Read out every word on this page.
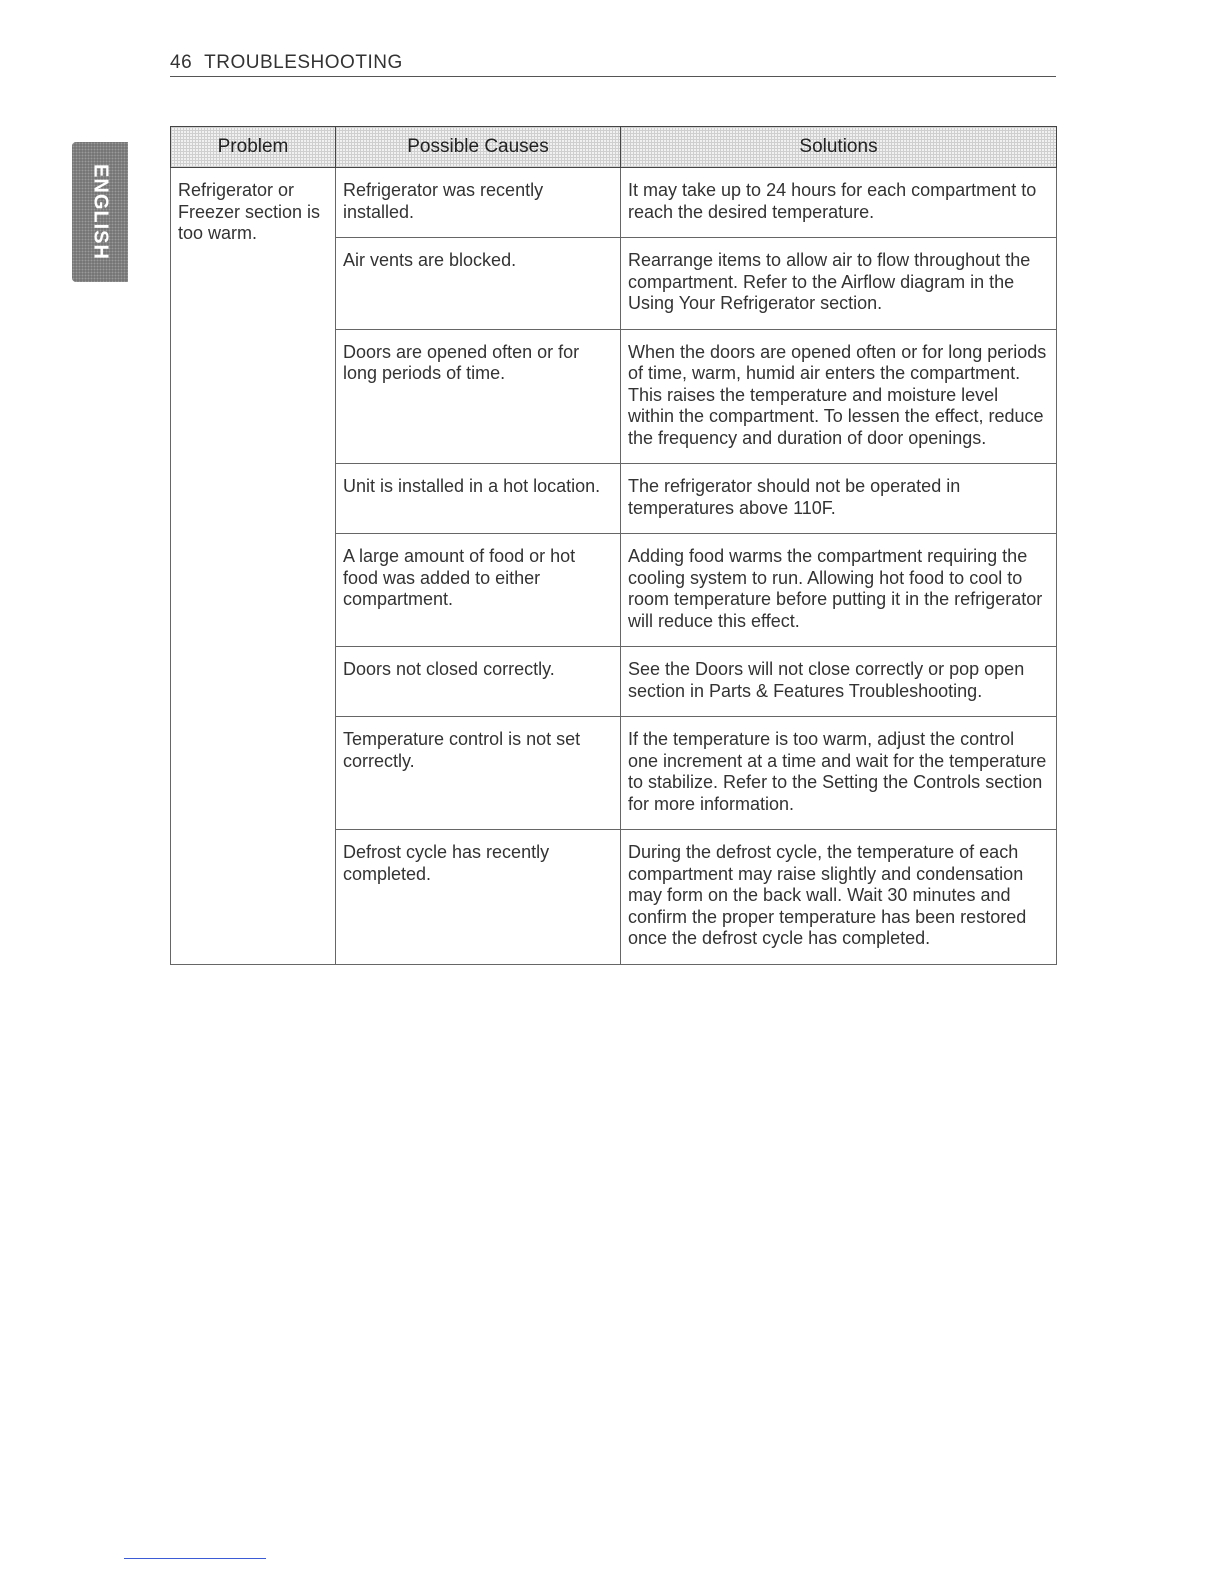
46 TROUBLESHOOTING
ENGLISH
Problem	Possible Causes	Solutions
Refrigerator or Freezer section is too warm.	Refrigerator was recently installed.	It may take up to 24 hours for each compartment to reach the desired temperature.
	Air vents are blocked.	Rearrange items to allow air to flow throughout the compartment. Refer to the Airflow diagram in the Using Your Refrigerator section.
	Doors are opened often or for long periods of time.	When the doors are opened often or for long periods of time, warm, humid air enters the compartment. This raises the temperature and moisture level within the compartment. To lessen the effect, reduce the frequency and duration of door openings.
	Unit is installed in a hot location.	The refrigerator should not be operated in temperatures above 110F.
	A large amount of food or hot food was added to either compartment.	Adding food warms the compartment requiring the cooling system to run. Allowing hot food to cool to room temperature before putting it in the refrigerator will reduce this effect.
	Doors not closed correctly.	See the Doors will not close correctly or pop open section in Parts & Features Troubleshooting.
	Temperature control is not set correctly.	If the temperature is too warm, adjust the control one increment at a time and wait for the temperature to stabilize. Refer to the Setting the Controls section for more information.
	Defrost cycle has recently completed.	During the defrost cycle, the temperature of each compartment may raise slightly and condensation may form on the back wall. Wait 30 minutes and confirm the proper temperature has been restored once the defrost cycle has completed.
